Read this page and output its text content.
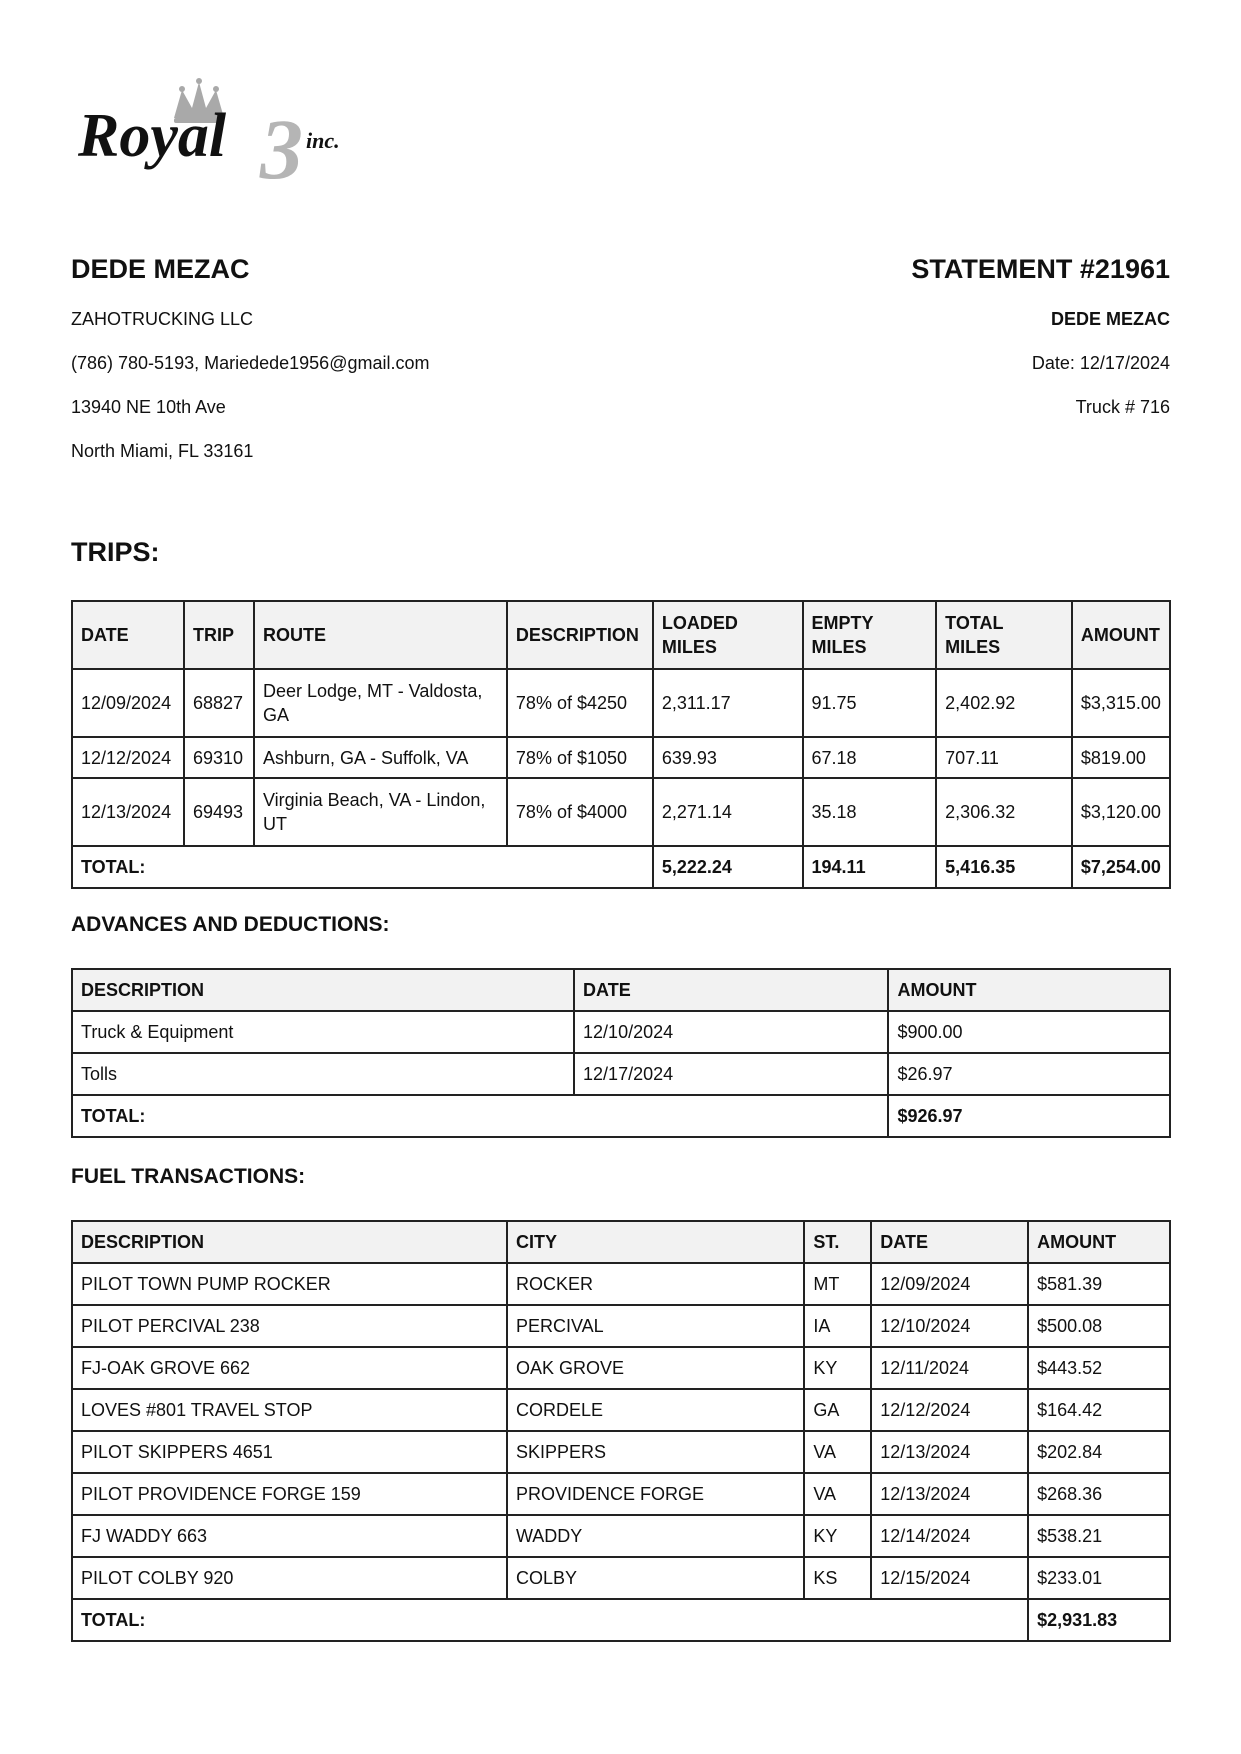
Royal 3 inc.
DEDE MEZAC
ZAHOTRUCKING LLC
(786) 780-5193, Mariedede1956@gmail.com
13940 NE 10th Ave
North Miami, FL 33161
STATEMENT #21961
DEDE MEZAC
Date: 12/17/2024
Truck # 716
TRIPS:
DATE	TRIP	ROUTE	DESCRIPTION	LOADED MILES	EMPTY MILES	TOTAL MILES	AMOUNT
12/09/2024	68827	Deer Lodge, MT - Valdosta, GA	78% of $4250	2,311.17	91.75	2,402.92	$3,315.00
12/12/2024	69310	Ashburn, GA - Suffolk, VA	78% of $1050	639.93	67.18	707.11	$819.00
12/13/2024	69493	Virginia Beach, VA - Lindon, UT	78% of $4000	2,271.14	35.18	2,306.32	$3,120.00
TOTAL:				5,222.24	194.11	5,416.35	$7,254.00
ADVANCES AND DEDUCTIONS:
DESCRIPTION	DATE	AMOUNT
Truck & Equipment	12/10/2024	$900.00
Tolls	12/17/2024	$26.97
TOTAL:		$926.97
FUEL TRANSACTIONS:
DESCRIPTION	CITY	ST.	DATE	AMOUNT
PILOT TOWN PUMP ROCKER	ROCKER	MT	12/09/2024	$581.39
PILOT PERCIVAL 238	PERCIVAL	IA	12/10/2024	$500.08
FJ-OAK GROVE 662	OAK GROVE	KY	12/11/2024	$443.52
LOVES #801 TRAVEL STOP	CORDELE	GA	12/12/2024	$164.42
PILOT SKIPPERS 4651	SKIPPERS	VA	12/13/2024	$202.84
PILOT PROVIDENCE FORGE 159	PROVIDENCE FORGE	VA	12/13/2024	$268.36
FJ WADDY 663	WADDY	KY	12/14/2024	$538.21
PILOT COLBY 920	COLBY	KS	12/15/2024	$233.01
TOTAL:				$2,931.83
